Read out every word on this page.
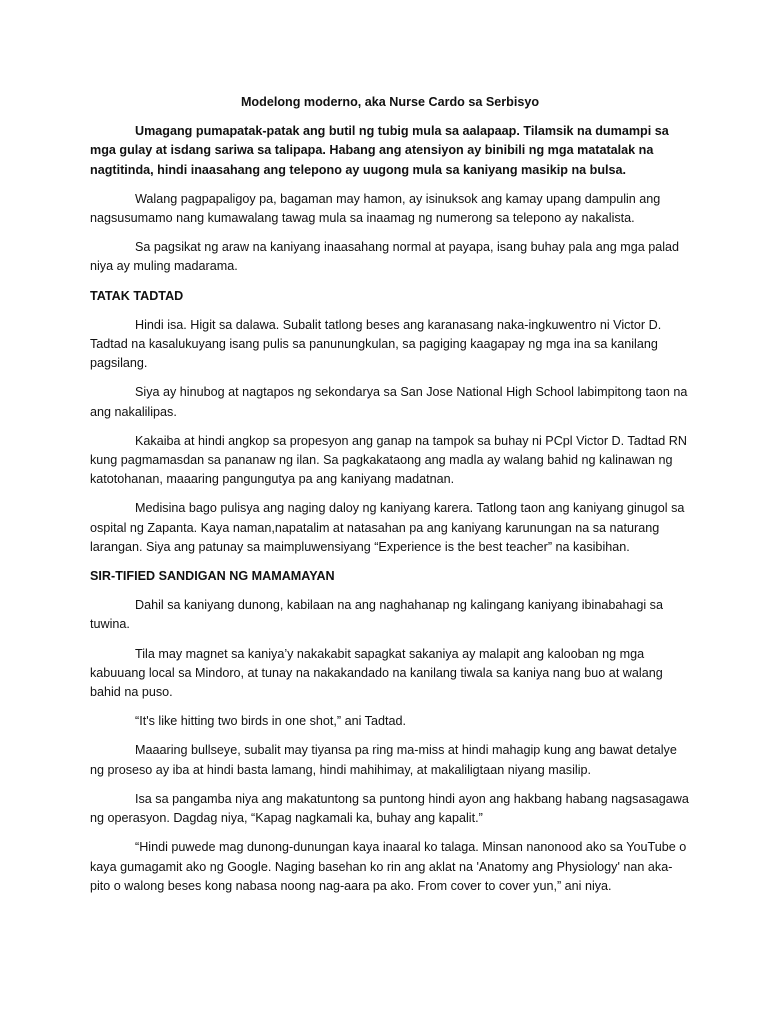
Modelong moderno, aka Nurse Cardo sa Serbisyo

Umagang pumapatak-patak ang butil ng tubig mula sa aalapaap. Tilamsik na dumampi sa mga gulay at isdang sariwa sa talipapa. Habang ang atensiyon ay binibili ng mga matatalak na nagtitinda, hindi inaasahang ang telepono ay uugong mula sa kaniyang masikip na bulsa.

Walang pagpapaligoy pa, bagaman may hamon, ay isinuksok ang kamay upang dampulin ang nagsusumamo nang kumawalang tawag mula sa inaamag ng numerong sa telepono ay nakalista.

Sa pagsikat ng araw na kaniyang inaasahang normal at payapa, isang buhay pala ang mga palad niya ay muling madarama.

TATAK TADTAD

Hindi isa. Higit sa dalawa. Subalit tatlong beses ang karanasang naka-ingkuwentro ni Victor D. Tadtad na kasalukuyang isang pulis sa panunungkulan, sa pagiging kaagapay ng mga ina sa kanilang pagsilang.

Siya ay hinubog at nagtapos ng sekondarya sa San Jose National High School labimpitong taon na ang nakalilipas.

Kakaiba at hindi angkop sa propesyon ang ganap na tampok sa buhay ni PCpl Victor D. Tadtad RN kung pagmamasdan sa pananaw ng ilan. Sa pagkakataong ang madla ay walang bahid ng kalinawan ng katotohanan, maaaring pangungutya pa ang kaniyang madatnan.

Medisina bago pulisya ang naging daloy ng kaniyang karera. Tatlong taon ang kaniyang ginugol sa ospital ng Zapanta. Kaya naman,napatalim at natasahan pa ang kaniyang karunungan na sa naturang larangan. Siya ang patunay sa maimpluwensiyang “Experience is the best teacher” na kasibihan.

SIR-TIFIED SANDIGAN NG MAMAMAYAN

Dahil sa kaniyang dunong, kabilaan na ang naghahanap ng kalingang kaniyang ibinabahagi sa tuwina.

Tila may magnet sa kaniya’y nakakabit sapagkat sakaniya ay malapit ang kalooban ng mga kabuuang local sa Mindoro, at tunay na nakakandado na kanilang tiwala sa kaniya nang buo at walang bahid na puso.

“It's like hitting two birds in one shot,” ani Tadtad.

Maaaring bullseye, subalit may tiyansa pa ring ma-miss at hindi mahagip kung ang bawat detalye ng proseso ay iba at hindi basta lamang, hindi mahihimay, at makaliligtaan niyang masilip.

Isa sa pangamba niya ang makatuntong sa puntong hindi ayon ang hakbang habang nagsasagawa ng operasyon. Dagdag niya, “Kapag nagkamali ka, buhay ang kapalit.”

“Hindi puwede mag dunong-dunungan kaya inaaral ko talaga. Minsan nanonood ako sa YouTube o kaya gumagamit ako ng Google. Naging basehan ko rin ang aklat na 'Anatomy ang Physiology' nan aka-pito o walong beses kong nabasa noong nag-aara pa ako. From cover to cover yun,” ani niya.
